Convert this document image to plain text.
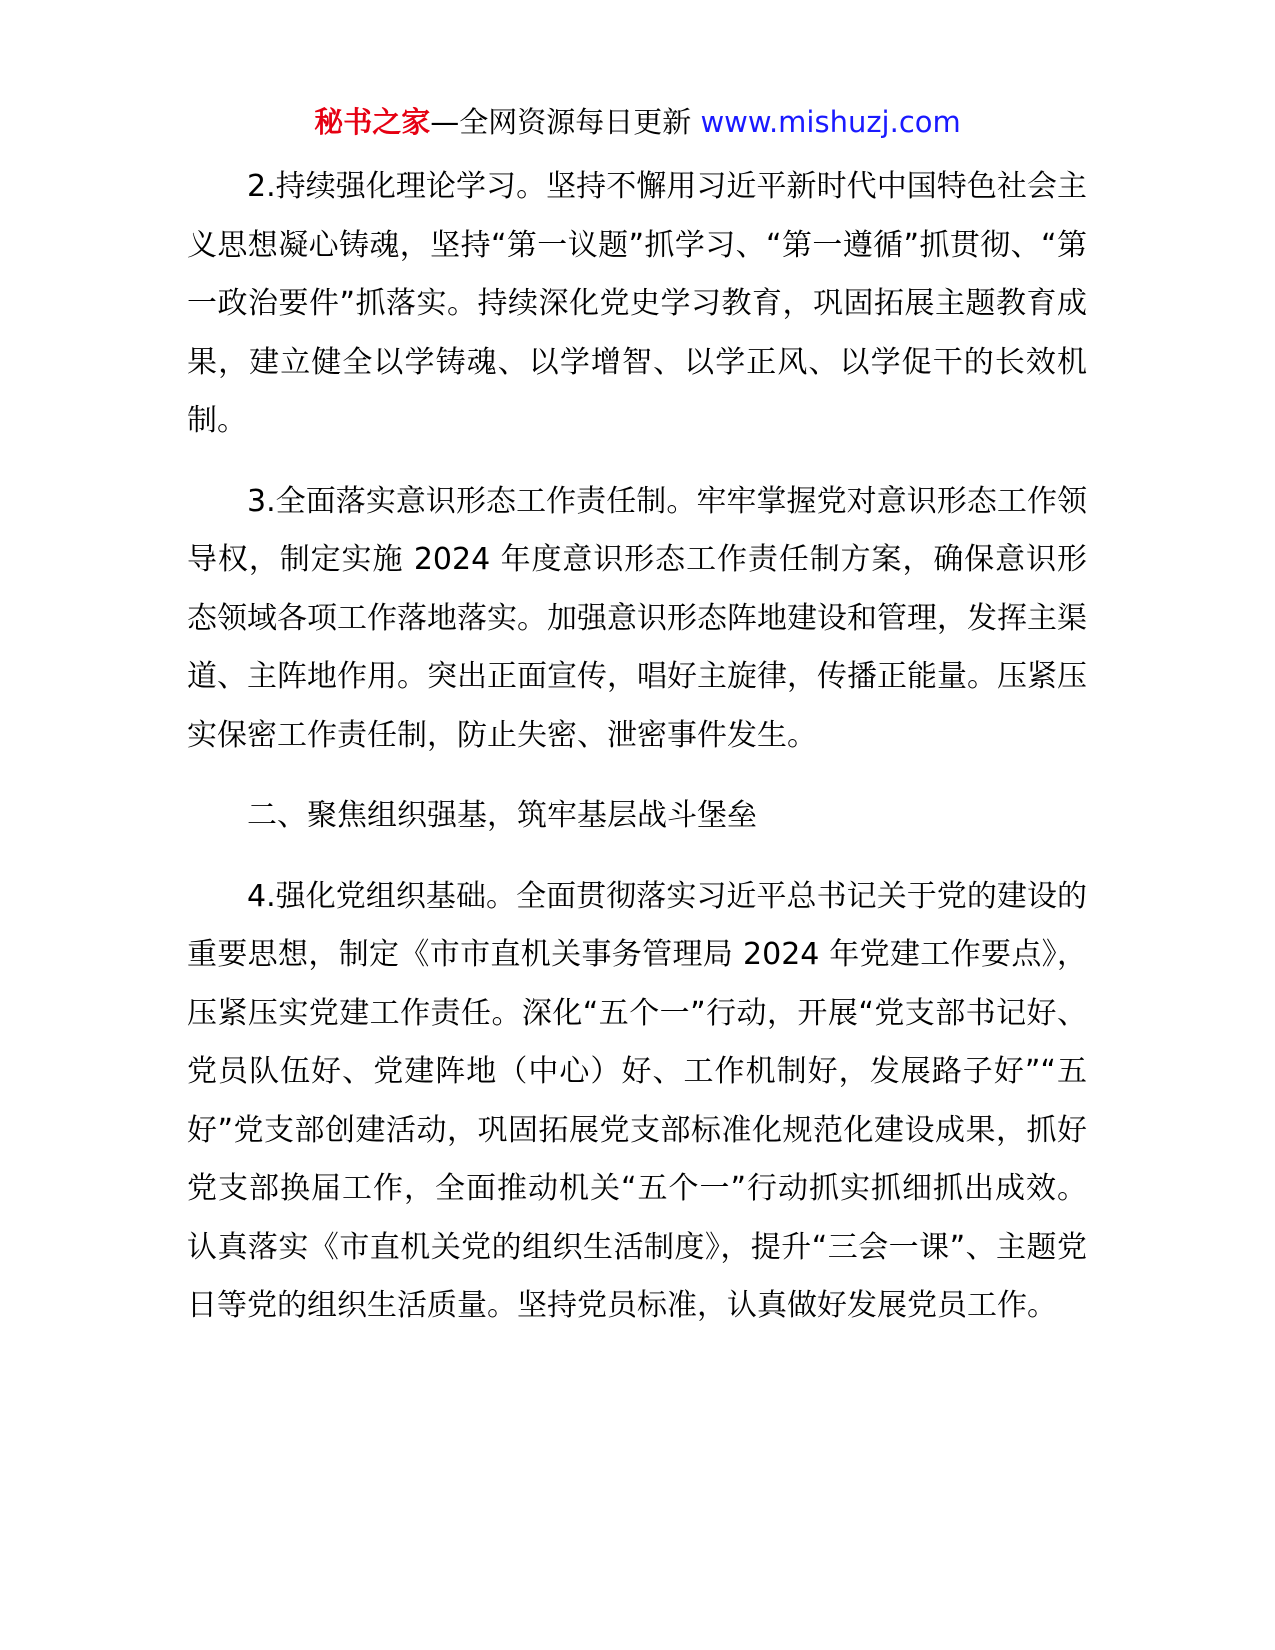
秘书之家—全网资源每日更新 www.mishuzj.com

2.持续强化理论学习。坚持不懈用习近平新时代中国特色社会主义思想凝心铸魂，坚持“第一议题”抓学习、“第一遵循”抓贯彻、“第一政治要件”抓落实。持续深化党史学习教育，巩固拓展主题教育成果，建立健全以学铸魂、以学增智、以学正风、以学促干的长效机制。

3.全面落实意识形态工作责任制。牢牢掌握党对意识形态工作领导权，制定实施 2024 年度意识形态工作责任制方案，确保意识形态领域各项工作落地落实。加强意识形态阵地建设和管理，发挥主渠道、主阵地作用。突出正面宣传，唱好主旋律，传播正能量。压紧压实保密工作责任制，防止失密、泄密事件发生。

二、聚焦组织强基，筑牢基层战斗堡垒

4.强化党组织基础。全面贯彻落实习近平总书记关于党的建设的重要思想，制定《市市直机关事务管理局 2024 年党建工作要点》，压紧压实党建工作责任。深化“五个一”行动，开展“党支部书记好、党员队伍好、党建阵地（中心）好、工作机制好，发展路子好”“五好”党支部创建活动，巩固拓展党支部标准化规范化建设成果，抓好党支部换届工作，全面推动机关“五个一”行动抓实抓细抓出成效。认真落实《市直机关党的组织生活制度》，提升“三会一课”、主题党日等党的组织生活质量。坚持党员标准，认真做好发展党员工作。
